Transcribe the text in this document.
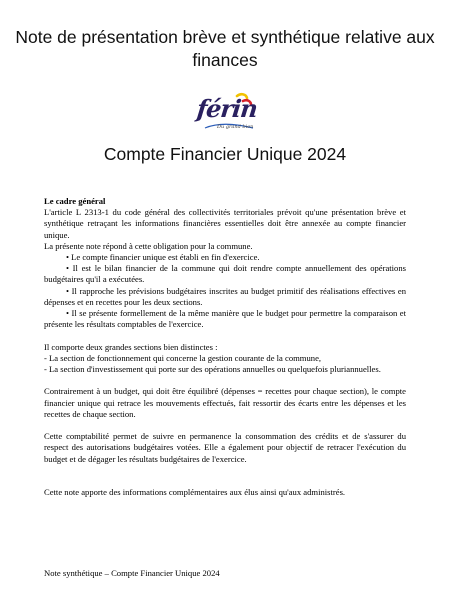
Note de présentation brève et synthétique relative aux finances
férin
Du grand bien
Compte Financier Unique 2024

Le cadre général

L'article L 2313-1 du code général des collectivités territoriales prévoit qu'une présentation brève et synthétique retraçant les informations financières essentielles doit être annexée au compte financier unique.

La présente note répond à cette obligation pour la commune.

• Le compte financier unique est établi en fin d'exercice.

• Il est le bilan financier de la commune qui doit rendre compte annuellement des opérations budgétaires qu'il a exécutées.

• Il rapproche les prévisions budgétaires inscrites au budget primitif des réalisations effectives en dépenses et en recettes pour les deux sections.

• Il se présente formellement de la même manière que le budget pour permettre la comparaison et présente les résultats comptables de l'exercice.

Il comporte deux grandes sections bien distinctes :

- La section de fonctionnement qui concerne la gestion courante de la commune,

- La section d'investissement qui porte sur des opérations annuelles ou quelquefois pluriannuelles.

Contrairement à un budget, qui doit être équilibré (dépenses = recettes pour chaque section), le compte financier unique qui retrace les mouvements effectués, fait ressortir des écarts entre les dépenses et les recettes de chaque section.

Cette comptabilité permet de suivre en permanence la consommation des crédits et de s'assurer du respect des autorisations budgétaires votées. Elle a également pour objectif de retracer l'exécution du budget et de dégager les résultats budgétaires de l'exercice.

Cette note apporte des informations complémentaires aux élus ainsi qu'aux administrés.

Note synthétique – Compte Financier Unique 2024
